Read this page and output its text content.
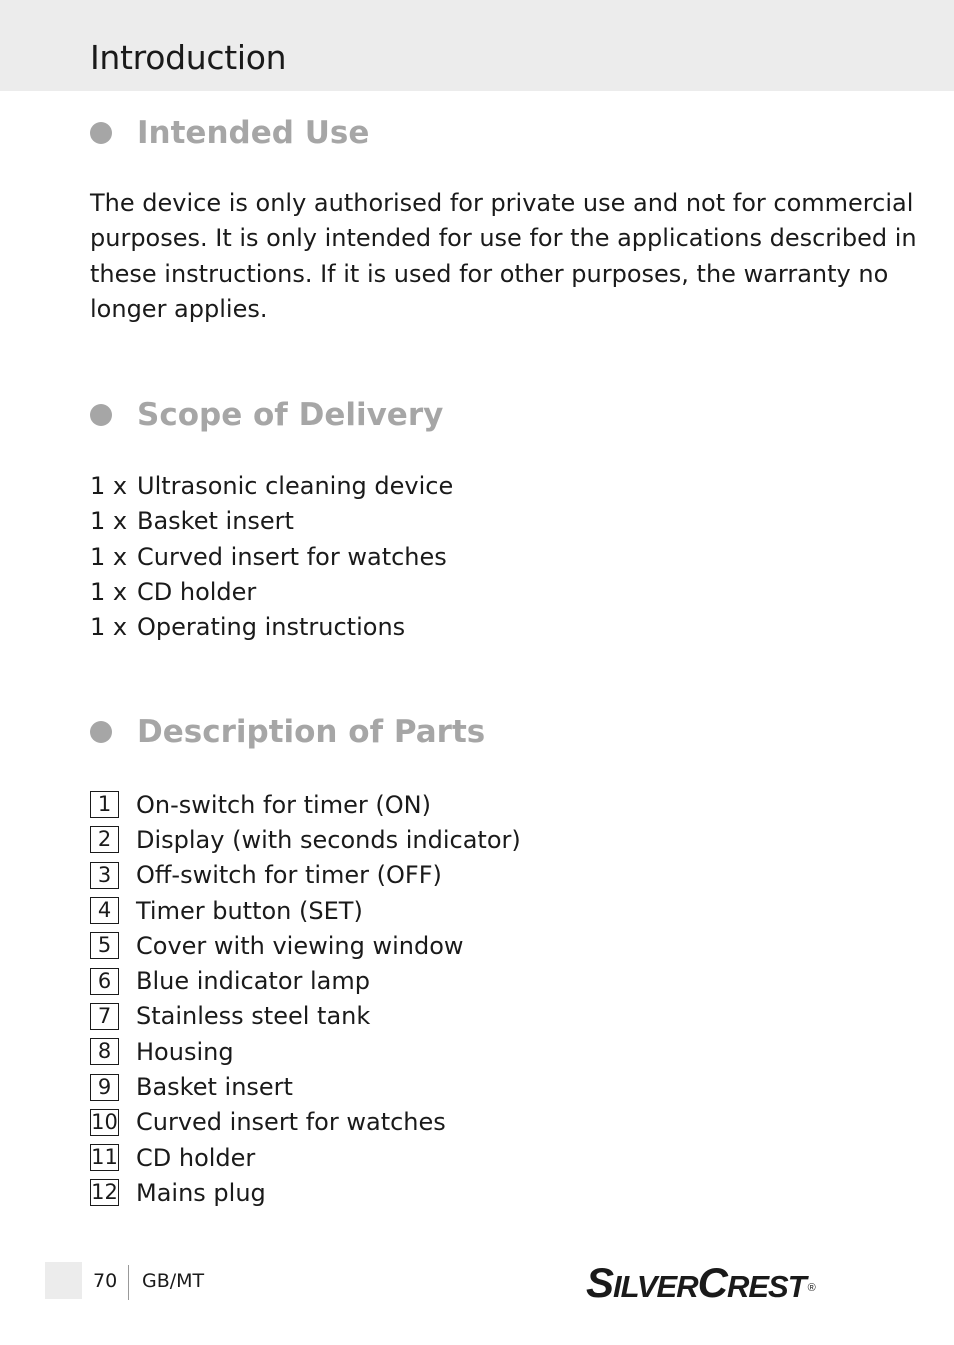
Introduction
Intended Use
The device is only authorised for private use and not for commercial
purposes. It is only intended for use for the applications described in
these instructions. If it is used for other purposes, the warranty no
longer applies.
Scope of Delivery
1 x Ultrasonic cleaning device
1 x Basket insert
1 x Curved insert for watches
1 x CD holder
1 x Operating instructions
Description of Parts
1	On-switch for timer (ON)
2	Display (with seconds indicator)
3	Off-switch for timer (OFF)
4	Timer button (SET)
5	Cover with viewing window
6	Blue indicator lamp
7	Stainless steel tank
8	Housing
9	Basket insert
10 Curved insert for watches
11 CD holder
12 Mains plug
70 GB/MT	SILVERCREST ®
